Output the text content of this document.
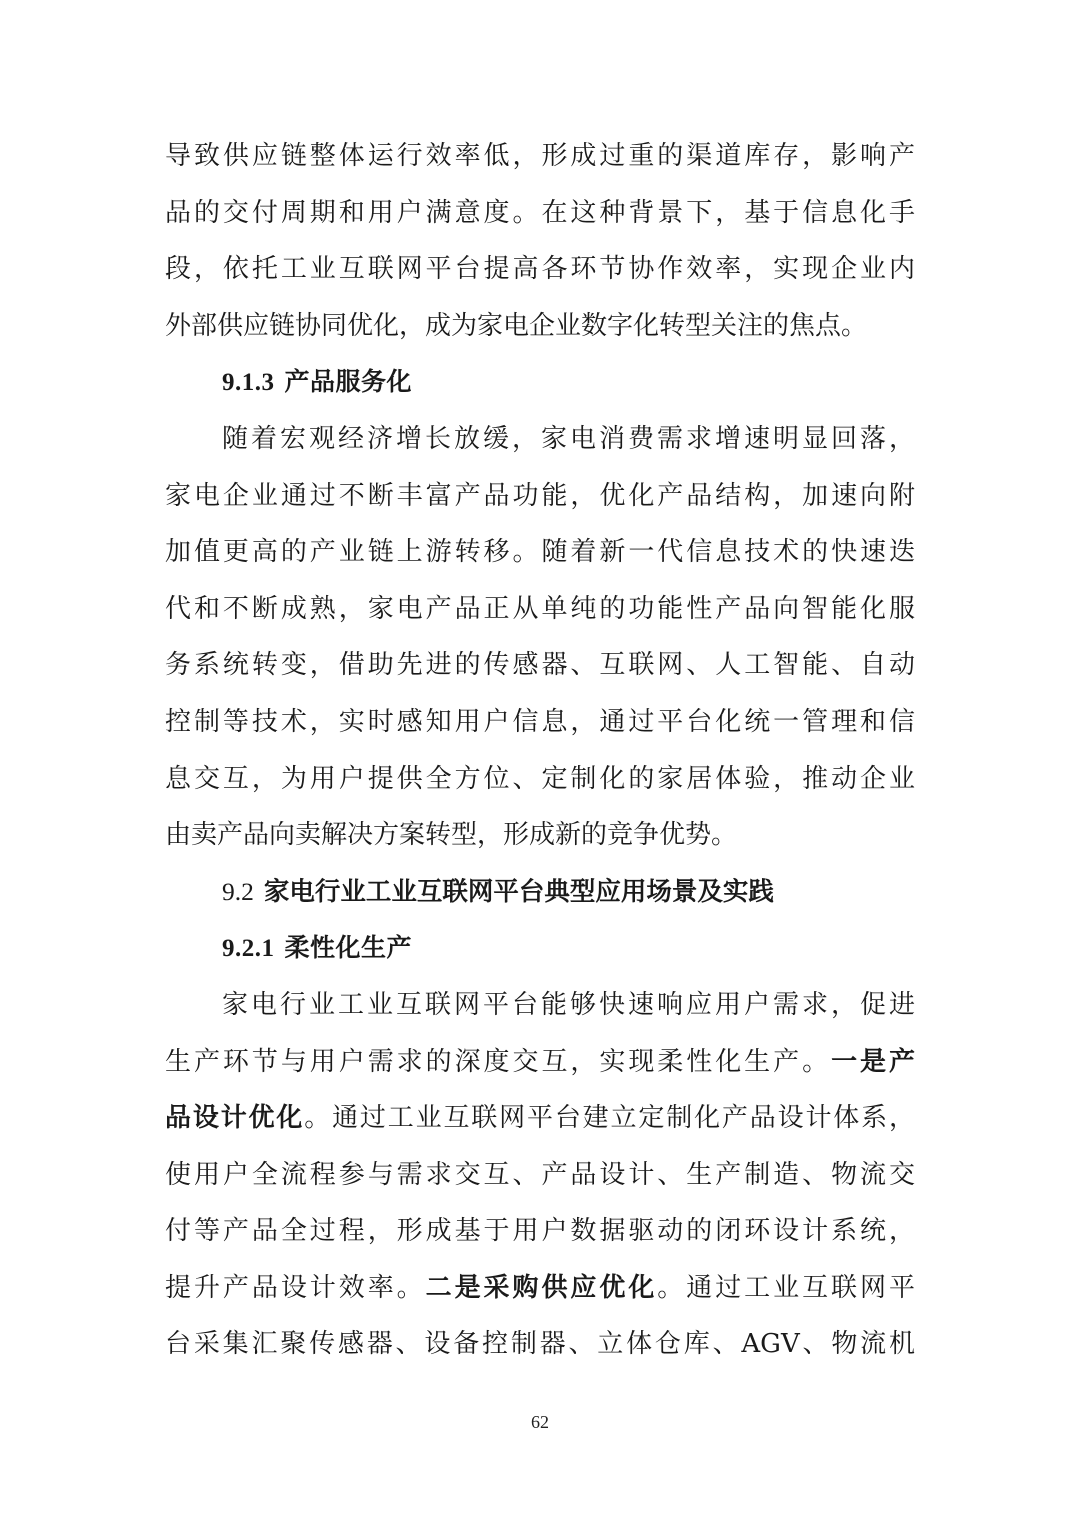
导致供应链整体运行效率低，形成过重的渠道库存，影响产
品的交付周期和用户满意度。在这种背景下，基于信息化手
段，依托工业互联网平台提高各环节协作效率，实现企业内
外部供应链协同优化，成为家电企业数字化转型关注的焦点。
9.1.3 产品服务化
随着宏观经济增长放缓，家电消费需求增速明显回落，
家电企业通过不断丰富产品功能，优化产品结构，加速向附
加值更高的产业链上游转移。随着新一代信息技术的快速迭
代和不断成熟，家电产品正从单纯的功能性产品向智能化服
务系统转变，借助先进的传感器、互联网、人工智能、自动
控制等技术，实时感知用户信息，通过平台化统一管理和信
息交互，为用户提供全方位、定制化的家居体验，推动企业
由卖产品向卖解决方案转型，形成新的竞争优势。
9.2 家电行业工业互联网平台典型应用场景及实践
9.2.1 柔性化生产
家电行业工业互联网平台能够快速响应用户需求，促进
生产环节与用户需求的深度交互，实现柔性化生产。一是产
品设计优化。通过工业互联网平台建立定制化产品设计体系，
使用户全流程参与需求交互、产品设计、生产制造、物流交
付等产品全过程，形成基于用户数据驱动的闭环设计系统，
提升产品设计效率。二是采购供应优化。通过工业互联网平
台采集汇聚传感器、设备控制器、立体仓库、AGV、物流机
62
